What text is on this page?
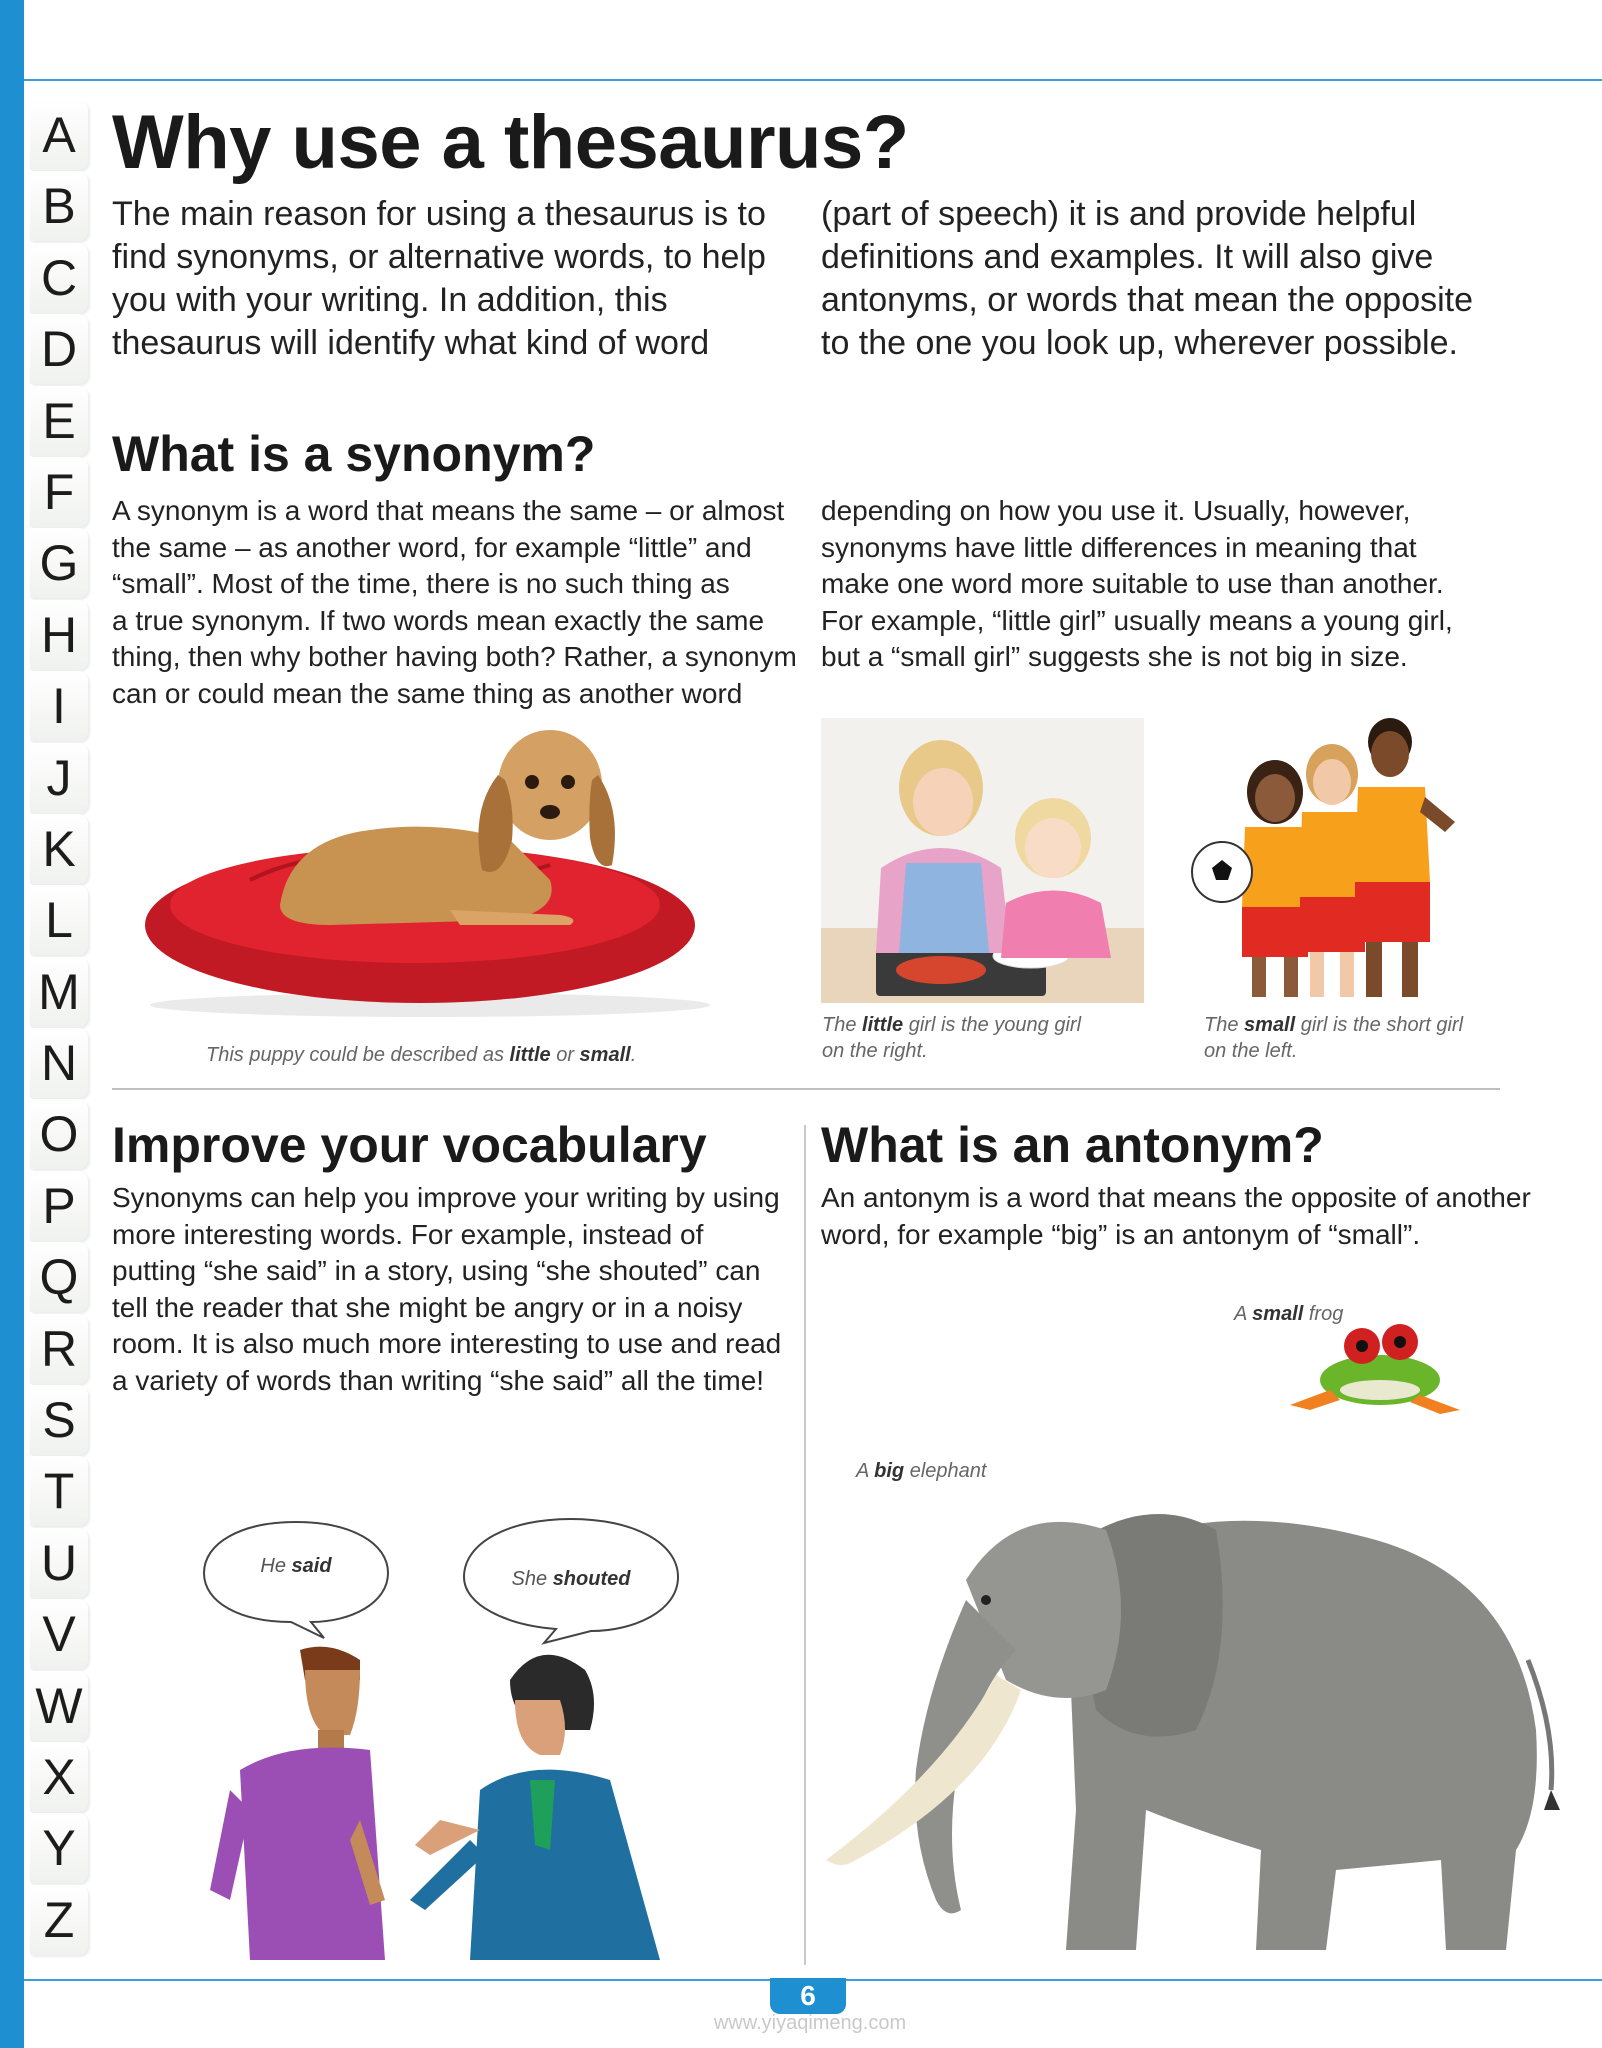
A
B
C
D
E
F
G
H
I
J
K
L
M
N
O
P
Q
R
S
T
U
V
W
X
Y
Z
Why use a thesaurus?
The main reason for using a thesaurus is to
find synonyms, or alternative words, to help
you with your writing. In addition, this
thesaurus will identify what kind of word
(part of speech) it is and provide helpful
definitions and examples. It will also give
antonyms, or words that mean the opposite
to the one you look up, wherever possible.
What is a synonym?
A synonym is a word that means the same – or almost
the same – as another word, for example “little” and
“small”. Most of the time, there is no such thing as
a true synonym. If two words mean exactly the same
thing, then why bother having both? Rather, a synonym
can or could mean the same thing as another word
depending on how you use it. Usually, however,
synonyms have little differences in meaning that
make one word more suitable to use than another.
For example, “little girl” usually means a young girl,
but a “small girl” suggests she is not big in size.
This puppy could be described as little or small.
The little girl is the young girl
on the right.
The small girl is the short girl
on the left.
Improve your vocabulary
Synonyms can help you improve your writing by using
more interesting words. For example, instead of
putting “she said” in a story, using “she shouted” can
tell the reader that she might be angry or in a noisy
room. It is also much more interesting to use and read
a variety of words than writing “she said” all the time!
He said
She shouted
What is an antonym?
An antonym is a word that means the opposite of another
word, for example “big” is an antonym of “small”.
A small frog
A big elephant
6
www.yiyaqimeng.com
